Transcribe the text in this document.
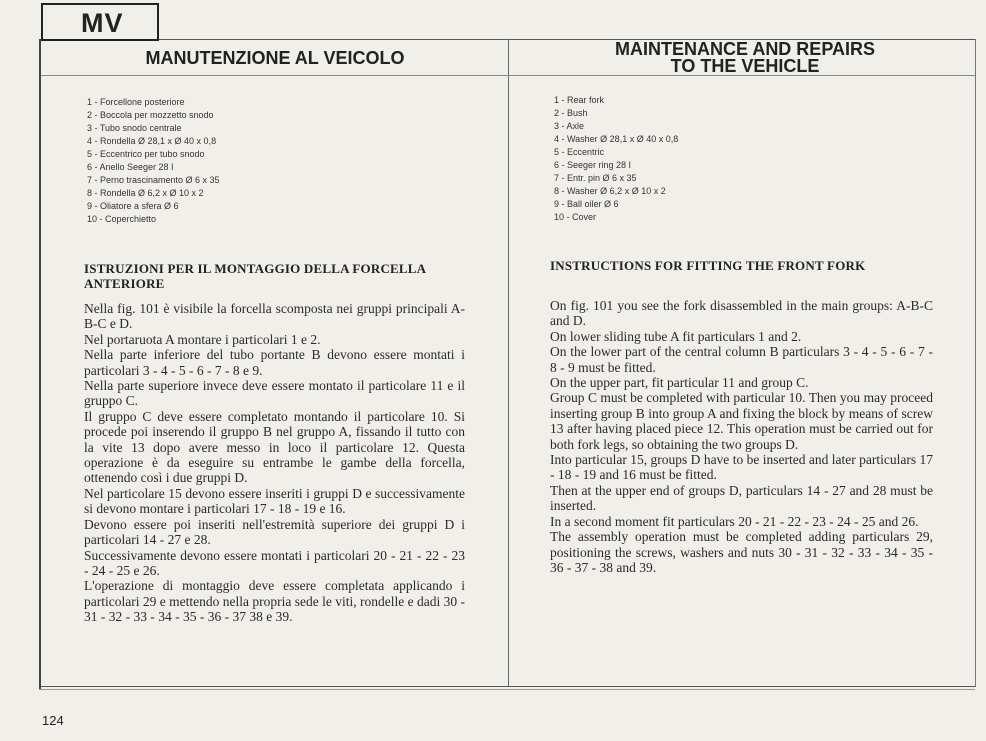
MV
MANUTENZIONE AL VEICOLO
1 - Forcellone posteriore
2 - Boccola per mozzetto snodo
3 - Tubo snodo centrale
4 - Rondella Ø 28,1 x Ø 40 x 0,8
5 - Eccentrico per tubo snodo
6 - Anello Seeger 28 I
7 - Perno trascinamento Ø 6 x 35
8 - Rondella Ø 6,2 x Ø 10 x 2
9 - Oliatore a sfera Ø 6
10 - Coperchietto
ISTRUZIONI PER IL MONTAGGIO DELLA FORCELLA ANTERIORE

Nella fig. 101 è visibile la forcella scomposta nei gruppi principali A-B-C e D.

Nel portaruota A montare i particolari 1 e 2.

Nella parte inferiore del tubo portante B devono essere montati i particolari 3 - 4 - 5 - 6 - 7 - 8 e 9.

Nella parte superiore invece deve essere montato il particolare 11 e il gruppo C.

Il gruppo C deve essere completato montando il particolare 10. Si procede poi inserendo il gruppo B nel gruppo A, fissando il tutto con la vite 13 dopo avere messo in loco il particolare 12. Questa operazione è da eseguire su entrambe le gambe della forcella, ottenendo così i due gruppi D.

Nel particolare 15 devono essere inseriti i gruppi D e successivamente si devono montare i particolari 17 - 18 - 19 e 16.

Devono essere poi inseriti nell'estremità superiore dei gruppi D i particolari 14 - 27 e 28.

Successivamente devono essere montati i particolari 20 - 21 - 22 - 23 - 24 - 25 e 26.

L'operazione di montaggio deve essere completata applicando i particolari 29 e mettendo nella propria sede le viti, rondelle e dadi 30 - 31 - 32 - 33 - 34 - 35 - 36 - 37 38 e 39.

MAINTENANCE AND REPAIRS
TO THE VEHICLE
1 - Rear fork
2 - Bush
3 - Axle
4 - Washer Ø 28,1 x Ø 40 x 0,8
5 - Eccentric
6 - Seeger ring 28 I
7 - Entr. pin Ø 6 x 35
8 - Washer Ø 6,2 x Ø 10 x 2
9 - Ball oiler Ø 6
10 - Cover
INSTRUCTIONS FOR FITTING THE FRONT FORK

On fig. 101 you see the fork disassembled in the main groups: A-B-C and D.

On lower sliding tube A fit particulars 1 and 2.

On the lower part of the central column B particulars 3 - 4 - 5 - 6 - 7 - 8 - 9 must be fitted.

On the upper part, fit particular 11 and group C.

Group C must be completed with particular 10. Then you may proceed inserting group B into group A and fixing the block by means of screw 13 after having placed piece 12. This operation must be carried out for both fork legs, so obtaining the two groups D.

Into particular 15, groups D have to be inserted and later particulars 17 - 18 - 19 and 16 must be fitted.

Then at the upper end of groups D, particulars 14 - 27 and 28 must be inserted.

In a second moment fit particulars 20 - 21 - 22 - 23 - 24 - 25 and 26.

The assembly operation must be completed adding particulars 29, positioning the screws, washers and nuts 30 - 31 - 32 - 33 - 34 - 35 - 36 - 37 - 38 and 39.

124
